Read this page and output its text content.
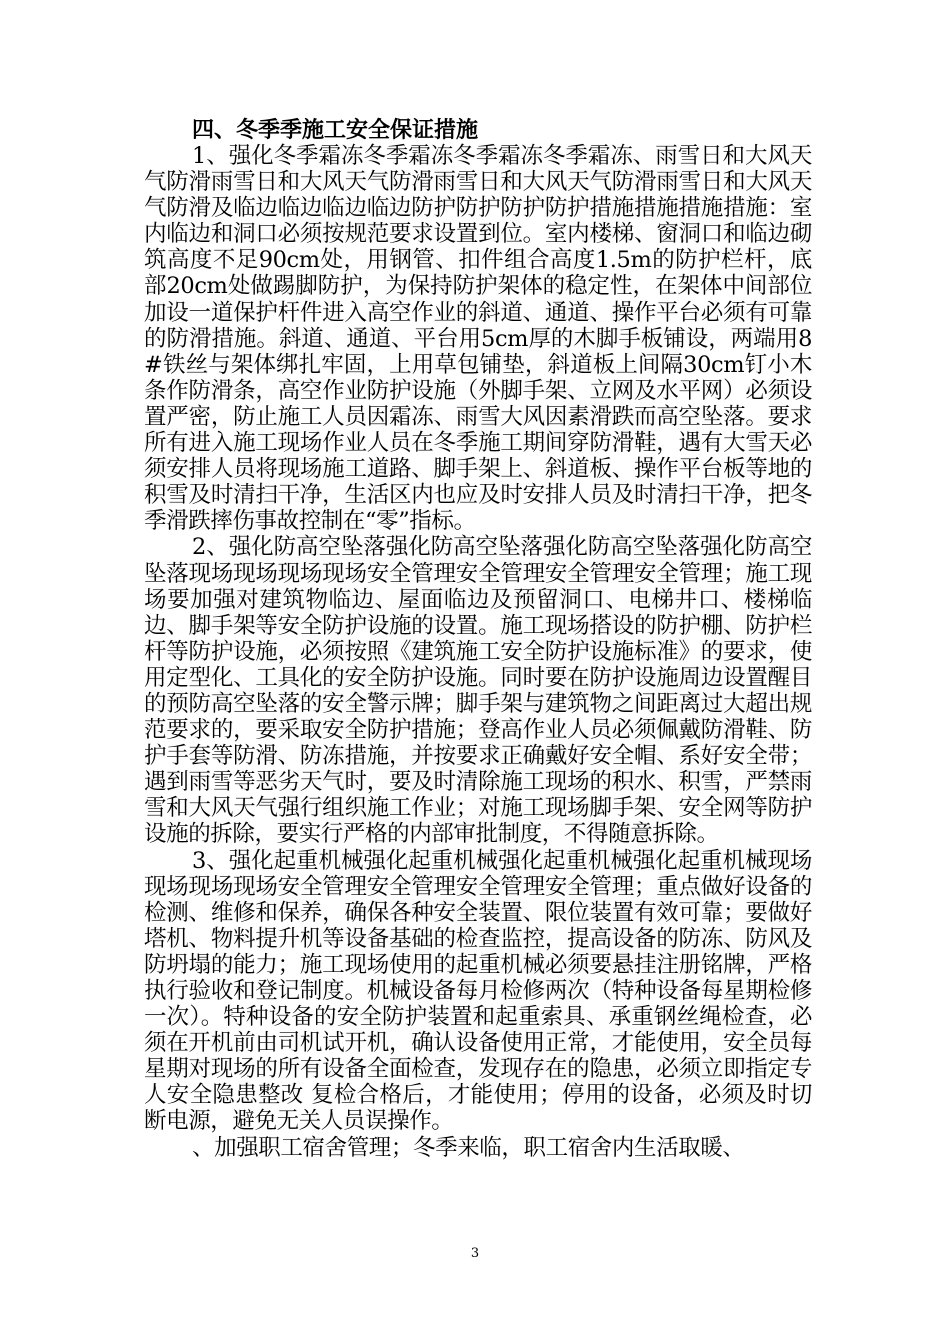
四、冬季季施工安全保证措施

1、强化冬季霜冻冬季霜冻冬季霜冻冬季霜冻、雨雪日和大风天气防滑雨雪日和大风天气防滑雨雪日和大风天气防滑雨雪日和大风天气防滑及临边临边临边临边防护防护防护防护措施措施措施措施：室内临边和洞口必须按规范要求设置到位。室内楼梯、窗洞口和临边砌筑高度不足90cm处，用钢管、扣件组合高度1.5m的防护栏杆，底部20cm处做踢脚防护，为保持防护架体的稳定性，在架体中间部位加设一道保护杆件进入高空作业的斜道、通道、操作平台必须有可靠的防滑措施。斜道、通道、平台用5cm厚的木脚手板铺设，两端用8#铁丝与架体绑扎牢固，上用草包铺垫，斜道板上间隔30cm钉小木条作防滑条，高空作业防护设施（外脚手架、立网及水平网）必须设置严密，防止施工人员因霜冻、雨雪大风因素滑跌而高空坠落。要求所有进入施工现场作业人员在冬季施工期间穿防滑鞋，遇有大雪天必须安排人员将现场施工道路、脚手架上、斜道板、操作平台板等地的积雪及时清扫干净，生活区内也应及时安排人员及时清扫干净，把冬季滑跌摔伤事故控制在“零”指标。

2、强化防高空坠落强化防高空坠落强化防高空坠落强化防高空坠落现场现场现场现场安全管理安全管理安全管理安全管理；施工现场要加强对建筑物临边、屋面临边及预留洞口、电梯井口、楼梯临边、脚手架等安全防护设施的设置。施工现场搭设的防护棚、防护栏杆等防护设施，必须按照《建筑施工安全防护设施标准》的要求，使用定型化、工具化的安全防护设施。同时要在防护设施周边设置醒目的预防高空坠落的安全警示牌；脚手架与建筑物之间距离过大超出规范要求的，要采取安全防护措施；登高作业人员必须佩戴防滑鞋、防护手套等防滑、防冻措施，并按要求正确戴好安全帽、系好安全带；遇到雨雪等恶劣天气时，要及时清除施工现场的积水、积雪，严禁雨雪和大风天气强行组织施工作业；对施工现场脚手架、安全网等防护设施的拆除，要实行严格的内部审批制度，不得随意拆除。

3、强化起重机械强化起重机械强化起重机械强化起重机械现场现场现场现场安全管理安全管理安全管理安全管理；重点做好设备的检测、维修和保养，确保各种安全装置、限位装置有效可靠；要做好塔机、物料提升机等设备基础的检查监控，提高设备的防冻、防风及防坍塌的能力；施工现场使用的起重机械必须要悬挂注册铭牌，严格执行验收和登记制度。机械设备每月检修两次（特种设备每星期检修一次）。特种设备的安全防护装置和起重索具、承重钢丝绳检查，必须在开机前由司机试开机，确认设备使用正常，才能使用，安全员每星期对现场的所有设备全面检查，发现存在的隐患，必须立即指定专人安全隐患整改 复检合格后，才能使用；停用的设备，必须及时切断电源，避免无关人员误操作。

、加强职工宿舍管理；冬季来临，职工宿舍内生活取暖、

3
